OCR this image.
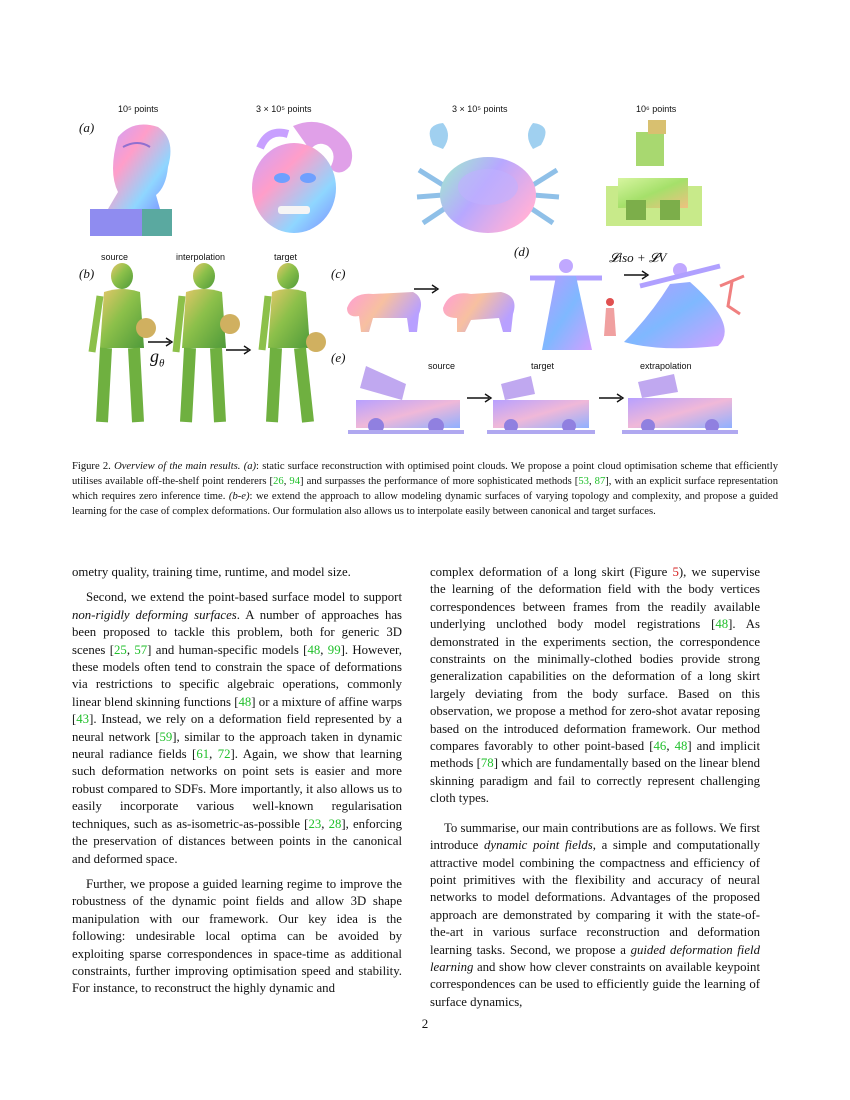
(a)
10⁵ points	3 × 10⁵ points	3 × 10⁵ points	10⁶ points
(b)
source	interpolation	target
$g_\theta$
(c)
(d)	𝓛iso + 𝓛V
(e)
source	target	extrapolation
Figure 2. Overview of the main results. (a): static surface reconstruction with optimised point clouds. We propose a point cloud optimisation scheme that efficiently utilises available off-the-shelf point renderers [26, 94] and surpasses the performance of more sophisticated methods [53, 87], with an explicit surface representation which requires zero inference time. (b-e): we extend the approach to allow modeling dynamic surfaces of varying topology and complexity, and propose a guided learning for the case of complex deformations. Our formulation also allows us to interpolate easily between canonical and target surfaces.

ometry quality, training time, runtime, and model size.

Second, we extend the point-based surface model to support non-rigidly deforming surfaces. A number of approaches has been proposed to tackle this problem, both for generic 3D scenes [25, 57] and human-specific models [48, 99]. However, these models often tend to constrain the space of deformations via restrictions to specific algebraic operations, commonly linear blend skinning functions [48] or a mixture of affine warps [43]. Instead, we rely on a deformation field represented by a neural network [59], similar to the approach taken in dynamic neural radiance fields [61, 72]. Again, we show that learning such deformation networks on point sets is easier and more robust compared to SDFs. More importantly, it also allows us to easily incorporate various well-known regularisation techniques, such as as-isometric-as-possible [23, 28], enforcing the preservation of distances between points in the canonical and deformed space.

Further, we propose a guided learning regime to improve the robustness of the dynamic point fields and allow 3D shape manipulation with our framework. Our key idea is the following: undesirable local optima can be avoided by exploiting sparse correspondences in space-time as additional constraints, further improving optimisation speed and stability. For instance, to reconstruct the highly dynamic and

complex deformation of a long skirt (Figure 5), we supervise the learning of the deformation field with the body vertices correspondences between frames from the readily available underlying unclothed body model registrations [48]. As demonstrated in the experiments section, the correspondence constraints on the minimally-clothed bodies provide strong generalization capabilities on the deformation of a long skirt largely deviating from the body surface. Based on this observation, we propose a method for zero-shot avatar reposing based on the introduced deformation framework. Our method compares favorably to other point-based [46, 48] and implicit methods [78] which are fundamentally based on the linear blend skinning paradigm and fail to correctly represent challenging cloth types.

To summarise, our main contributions are as follows. We first introduce dynamic point fields, a simple and computationally attractive model combining the compactness and efficiency of point primitives with the flexibility and accuracy of neural networks to model deformations. Advantages of the proposed approach are demonstrated by comparing it with the state-of-the-art in various surface reconstruction and deformation learning tasks. Second, we propose a guided deformation field learning and show how clever constraints on available keypoint correspondences can be used to efficiently guide the learning of surface dynamics,

2
